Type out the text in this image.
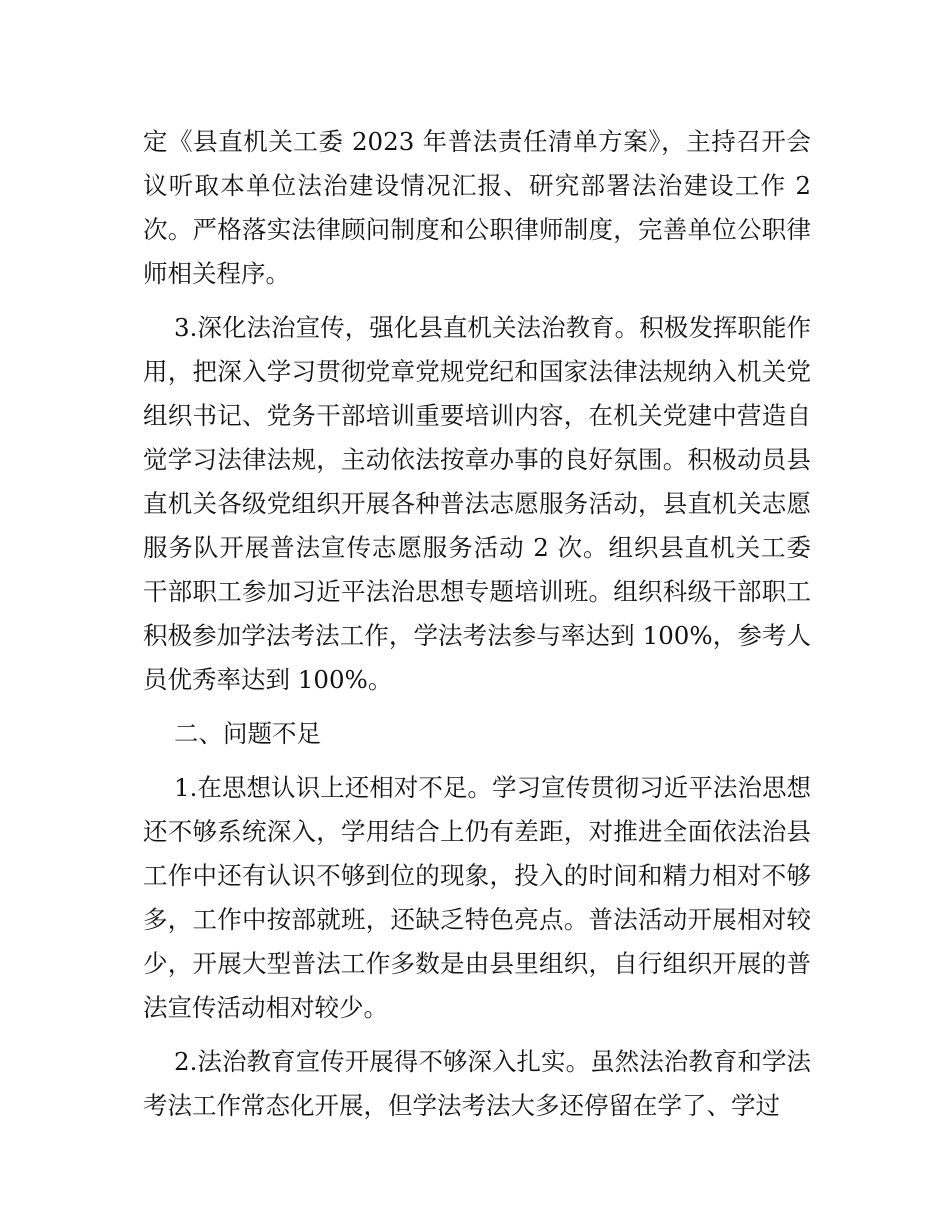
定《县直机关工委 2023 年普法责任清单方案》，主持召开会议听取本单位法治建设情况汇报、研究部署法治建设工作 2 次。严格落实法律顾问制度和公职律师制度，完善单位公职律师相关程序。

3.深化法治宣传，强化县直机关法治教育。积极发挥职能作用，把深入学习贯彻党章党规党纪和国家法律法规纳入机关党组织书记、党务干部培训重要培训内容，在机关党建中营造自觉学习法律法规，主动依法按章办事的良好氛围。积极动员县直机关各级党组织开展各种普法志愿服务活动，县直机关志愿服务队开展普法宣传志愿服务活动 2 次。组织县直机关工委干部职工参加习近平法治思想专题培训班。组织科级干部职工积极参加学法考法工作，学法考法参与率达到 100%，参考人员优秀率达到 100%。

二、问题不足

1.在思想认识上还相对不足。学习宣传贯彻习近平法治思想还不够系统深入，学用结合上仍有差距，对推进全面依法治县工作中还有认识不够到位的现象，投入的时间和精力相对不够多，工作中按部就班，还缺乏特色亮点。普法活动开展相对较少，开展大型普法工作多数是由县里组织，自行组织开展的普法宣传活动相对较少。

2.法治教育宣传开展得不够深入扎实。虽然法治教育和学法考法工作常态化开展，但学法考法大多还停留在学了、学过
